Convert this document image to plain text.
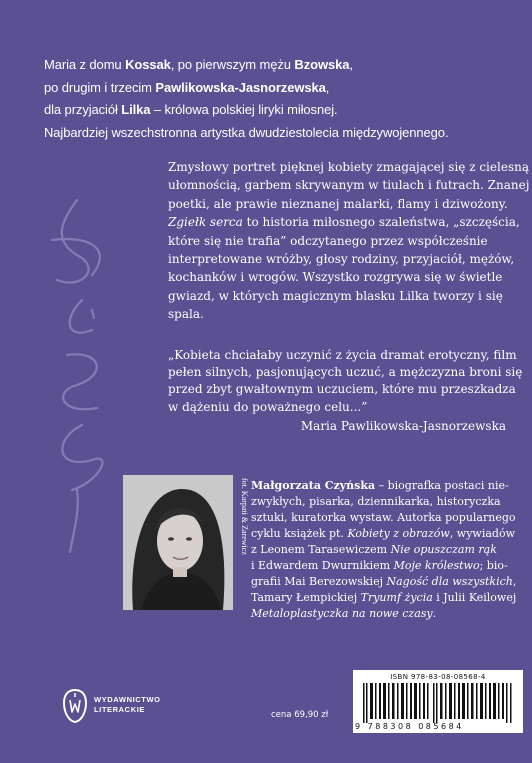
Maria z domu Kossak, po pierwszym mężu Bzowska,
po drugim i trzecim Pawlikowska-Jasnorzewska,
dla przyjaciół Lilka – królowa polskiej liryki miłosnej.
Najbardziej wszechstronna artystka dwudziestolecia międzywojennego.
Zmysłowy portret pięknej kobiety zmagającej się z cielesną
ułomnością, garbem skrywanym w tiulach i futrach. Znanej
poetki, ale prawie nieznanej malarki, flamy i dziwożony.
Zgiełk serca to historia miłosnego szaleństwa, „szczęścia,
które się nie trafia” odczytanego przez współcześnie
interpretowane wróżby, głosy rodziny, przyjaciół, mężów,
kochanków i wrogów. Wszystko rozgrywa się w świetle
gwiazd, w których magicznym blasku Lilka tworzy i się
spala.
„Kobieta chciałaby uczynić z życia dramat erotyczny, film
pełen silnych, pasjonujących uczuć, a mężczyzna broni się
przed zbyt gwałtownym uczuciem, które mu przeszkadza
w dążeniu do poważnego celu...”
Maria Pawlikowska-Jasnorzewska
fot. Karpati & Zarewicz Małgorzata Czyńska – biografka postaci nie-
zwykłych, pisarka, dziennikarka, historyczka
sztuki, kuratorka wystaw. Autorka popularnego
cyklu książek pt. Kobiety z obrazów, wywiadów
z Leonem Tarasewiczem Nie opuszczam rąk
i Edwardem Dwurnikiem Moje królestwo; bio-
grafii Mai Berezowskiej Nagość dla wszystkich,
Tamary Łempickiej Tryumf życia i Julii Keilowej
Metaloplastyczka na nowe czasy.
WYDAWNICTWO
LITERACKIE
cena 69,90 zł
ISBN 978-83-08-08568-4
9 788308 085684
